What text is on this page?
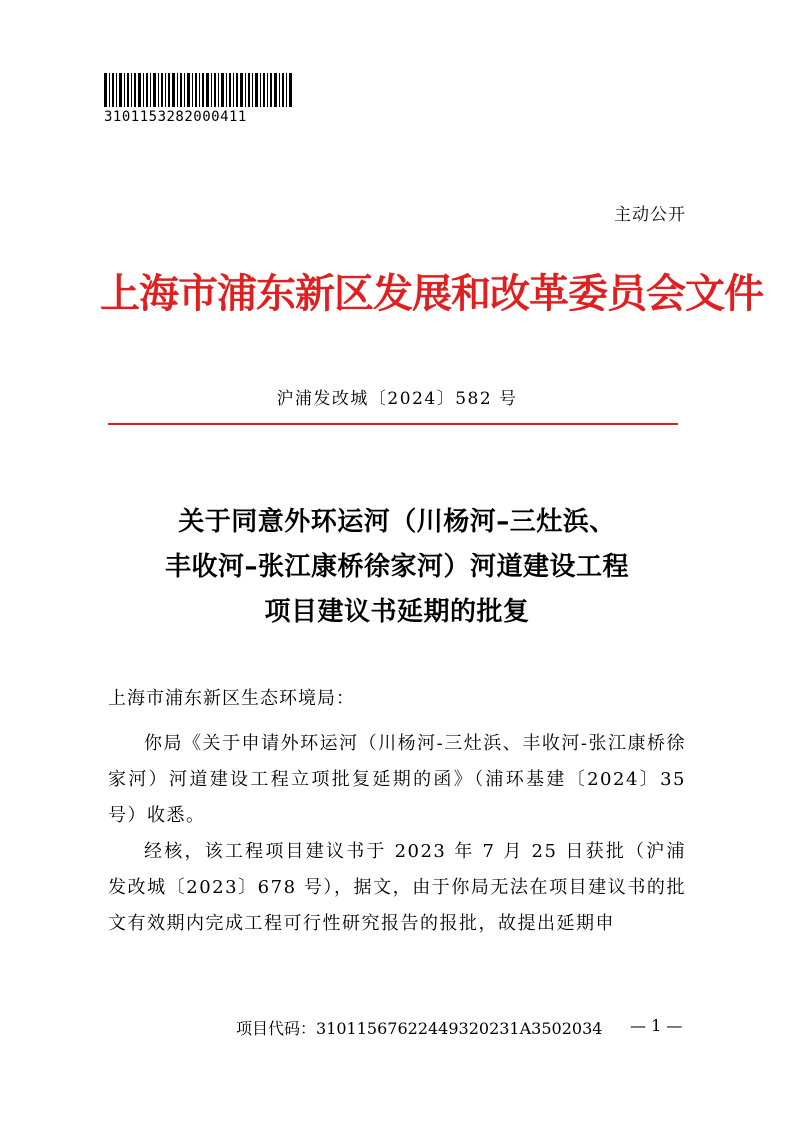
3101153282000411
主动公开
上海市浦东新区发展和改革委员会文件
沪浦发改城〔2024〕582 号
关于同意外环运河（川杨河–三灶浜、
丰收河–张江康桥徐家河）河道建设工程
项目建议书延期的批复
上海市浦东新区生态环境局：
你局《关于申请外环运河（川杨河-三灶浜、丰收河-张江康桥徐家河）河道建设工程立项批复延期的函》（浦环基建〔2024〕35 号）收悉。
经核，该工程项目建议书于 2023 年 7 月 25 日获批（沪浦发改城〔2023〕678 号），据文，由于你局无法在项目建议书的批文有效期内完成工程可行性研究报告的报批，故提出延期申
项目代码：31011567622449320231A3502034 — 1 —
